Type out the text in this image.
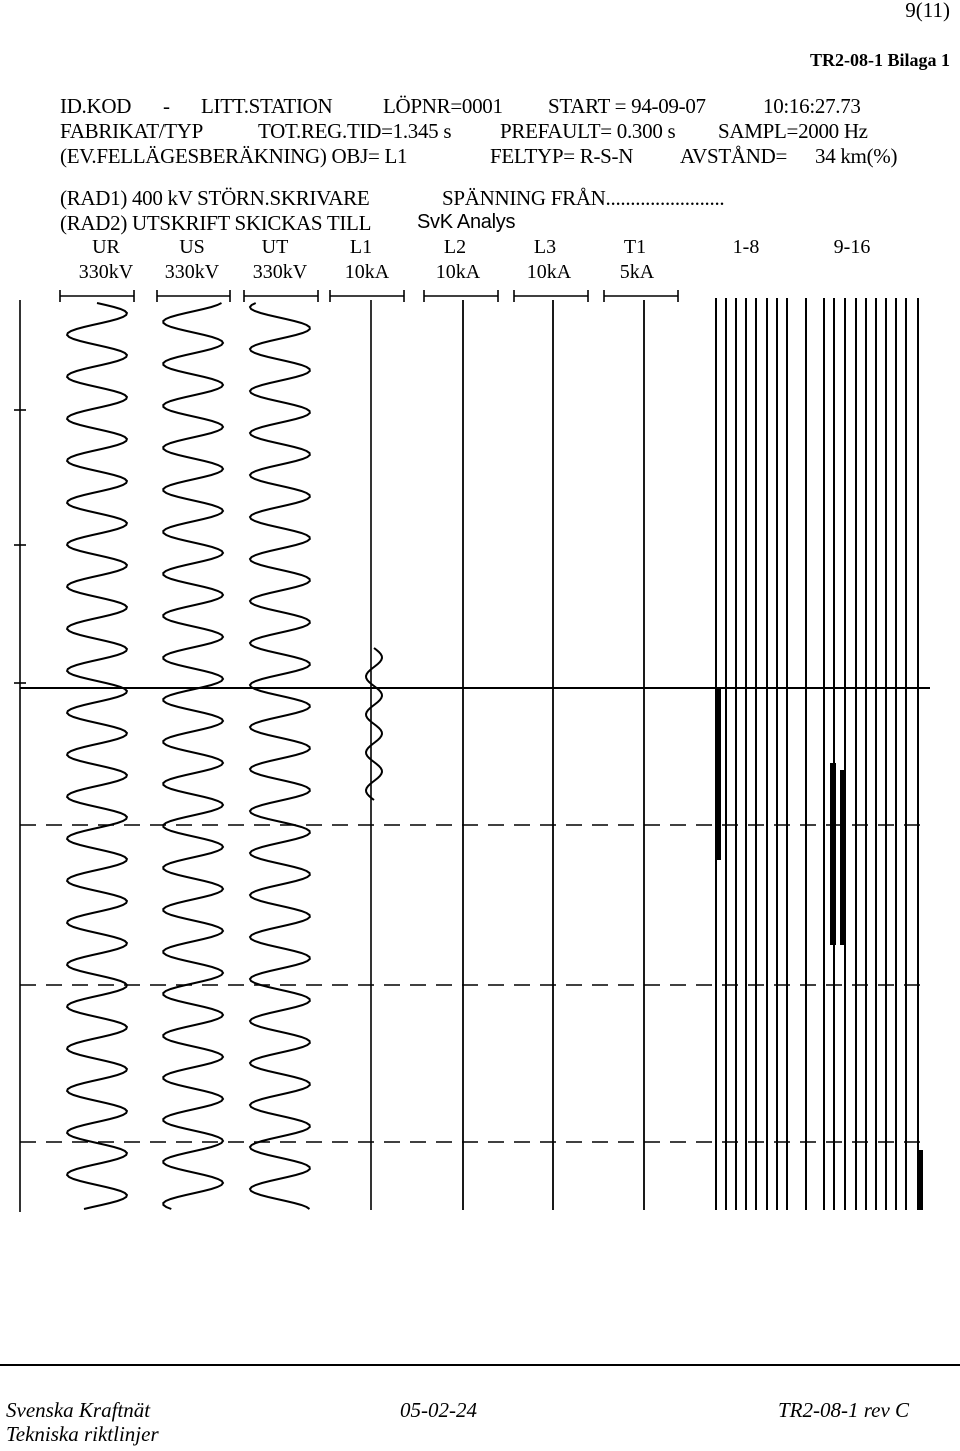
9(11)
TR2-08-1 Bilaga 1
ID.KOD - LITT.STATION LÖPNR=0001 START = 94-09-07	10:16:27.73
FABRIKAT/TYP	TOT.REG.TID=1.345 s PREFAULT= 0.300 s SAMPL=2000 Hz
(EV.FELLÄGESBERÄKNING) OBJ= L1	FELTYP= R-S-N AVSTÅND= 34 km(%)
(RAD1) 400 kV STÖRN.SKRIVARE	SPÄNNING FRÅN........................
(RAD2) UTSKRIFT SKICKAS TILL SvK Analys
UR	US	UT	L1	L2	L3	T1	1-8	9-16
330kV	330kV	330kV	10kA	10kA	10kA	5kA
Svenska Kraftnät
Tekniska riktlinjer
05-02-24	TR2-08-1 rev C
